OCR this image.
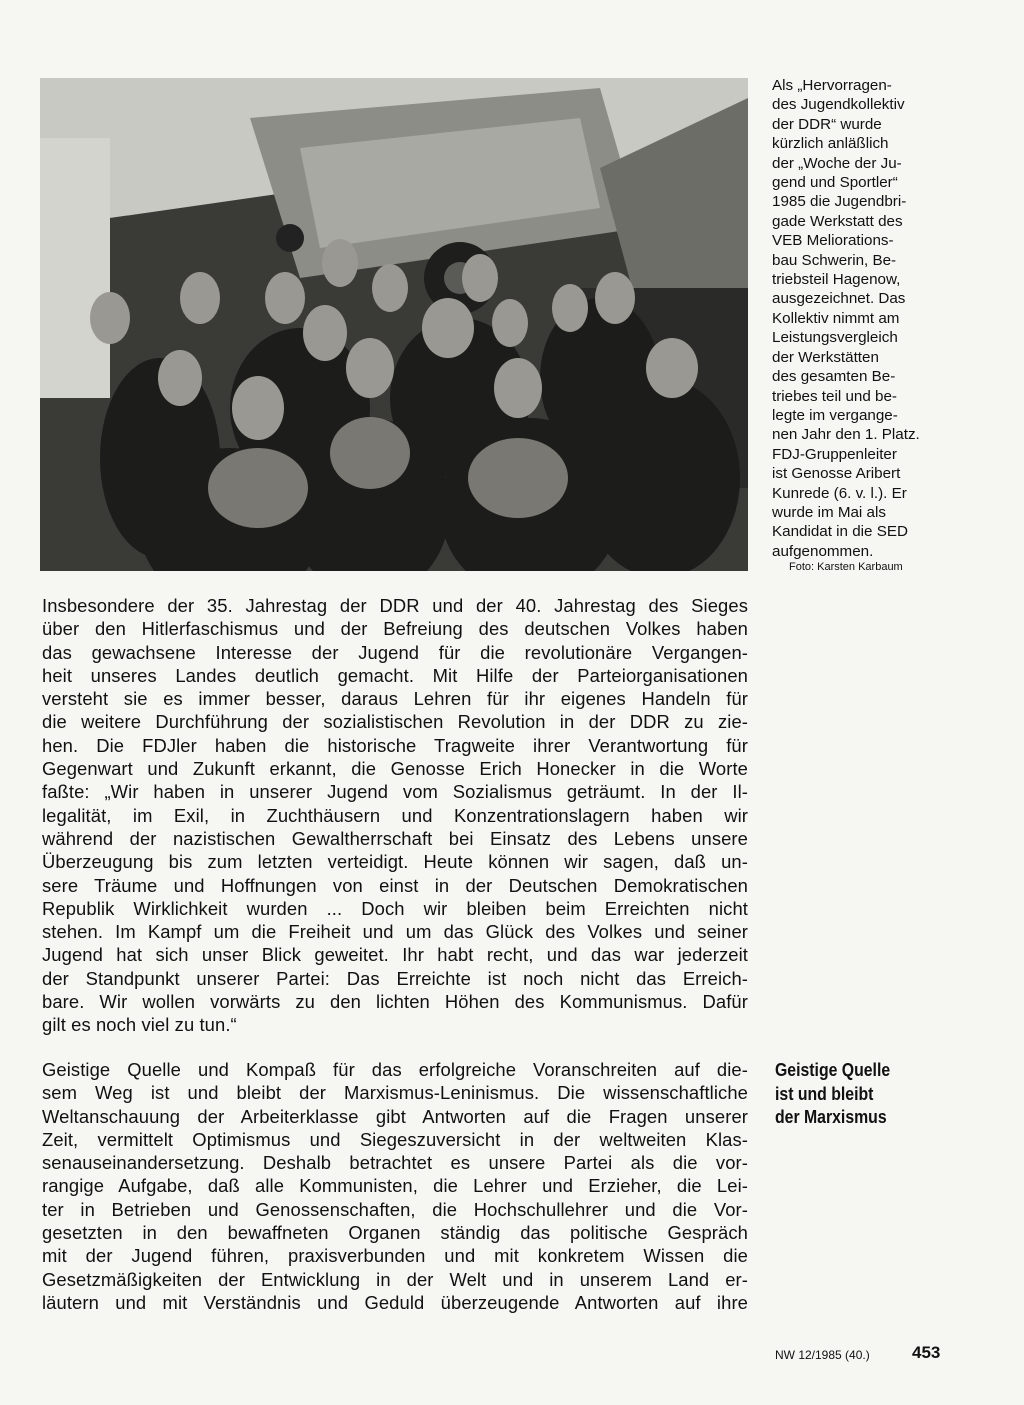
Als „Hervorragen-
des Jugendkollektiv
der DDR“ wurde
kürzlich anläßlich
der „Woche der Ju-
gend und Sportler“
1985 die Jugendbri-
gade Werkstatt des
VEB Meliorations-
bau Schwerin, Be-
triebsteil Hagenow,
ausgezeichnet. Das
Kollektiv nimmt am
Leistungsvergleich
der Werkstätten
des gesamten Be-
triebes teil und be-
legte im vergange-
nen Jahr den 1. Platz.
FDJ-Gruppenleiter
ist Genosse Aribert
Kunrede (6. v. l.). Er
wurde im Mai als
Kandidat in die SED
aufgenommen.
Foto: Karsten Karbaum
Insbesondere der 35. Jahrestag der DDR und der 40. Jahrestag des Sieges
über den Hitlerfaschismus und der Befreiung des deutschen Volkes haben
das gewachsene Interesse der Jugend für die revolutionäre Vergangen-
heit unseres Landes deutlich gemacht. Mit Hilfe der Parteiorganisationen
versteht sie es immer besser, daraus Lehren für ihr eigenes Handeln für
die weitere Durchführung der sozialistischen Revolution in der DDR zu zie-
hen. Die FDJler haben die historische Tragweite ihrer Verantwortung für
Gegenwart und Zukunft erkannt, die Genosse Erich Honecker in die Worte
faßte: „Wir haben in unserer Jugend vom Sozialismus geträumt. In der Il-
legalität, im Exil, in Zuchthäusern und Konzentrationslagern haben wir
während der nazistischen Gewaltherrschaft bei Einsatz des Lebens unsere
Überzeugung bis zum letzten verteidigt. Heute können wir sagen, daß un-
sere Träume und Hoffnungen von einst in der Deutschen Demokratischen
Republik Wirklichkeit wurden ... Doch wir bleiben beim Erreichten nicht
stehen. Im Kampf um die Freiheit und um das Glück des Volkes und seiner
Jugend hat sich unser Blick geweitet. Ihr habt recht, und das war jederzeit
der Standpunkt unserer Partei: Das Erreichte ist noch nicht das Erreich-
bare. Wir wollen vorwärts zu den lichten Höhen des Kommunismus. Dafür
gilt es noch viel zu tun.“
Geistige Quelle und Kompaß für das erfolgreiche Voranschreiten auf die-
sem Weg ist und bleibt der Marxismus-Leninismus. Die wissenschaftliche
Weltanschauung der Arbeiterklasse gibt Antworten auf die Fragen unserer
Zeit, vermittelt Optimismus und Siegeszuversicht in der weltweiten Klas-
senauseinandersetzung. Deshalb betrachtet es unsere Partei als die vor-
rangige Aufgabe, daß alle Kommunisten, die Lehrer und Erzieher, die Lei-
ter in Betrieben und Genossenschaften, die Hochschullehrer und die Vor-
gesetzten in den bewaffneten Organen ständig das politische Gespräch
mit der Jugend führen, praxisverbunden und mit konkretem Wissen die
Gesetzmäßigkeiten der Entwicklung in der Welt und in unserem Land er-
läutern und mit Verständnis und Geduld überzeugende Antworten auf ihre
Geistige Quelle
ist und bleibt
der Marxismus
NW 12/1985 (40.) 453
